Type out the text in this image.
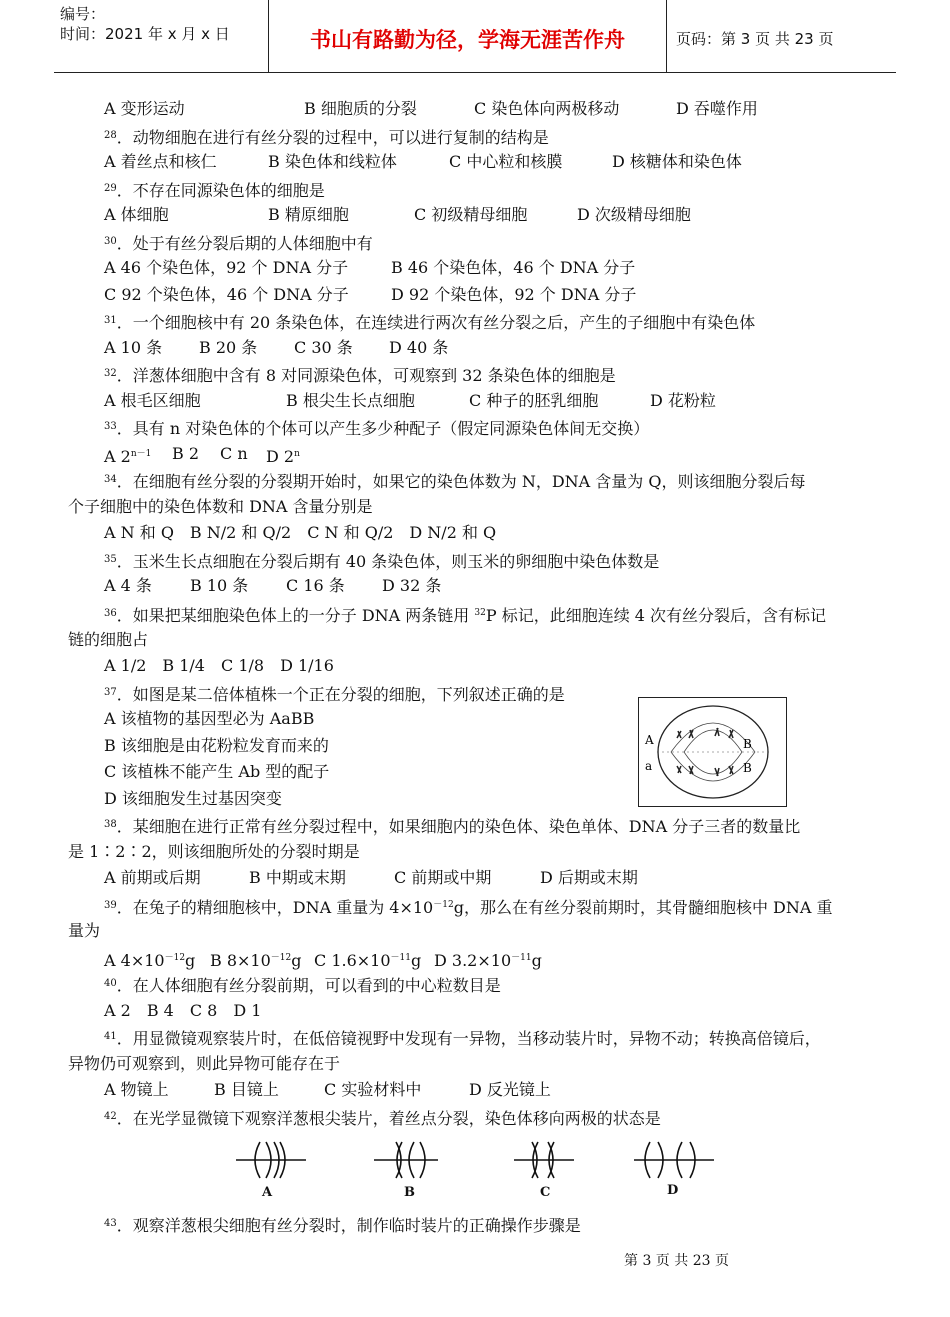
编号：
时间：2021 年 x 月 x 日	书山有路勤为径，学海无涯苦作舟	页码：第 3 页 共 23 页
A 变形运动	B 细胞质的分裂	C 染色体向两极移动	D 吞噬作用
$^{28}$．动物细胞在进行有丝分裂的过程中，可以进行复制的结构是
A 着丝点和核仁	B 染色体和线粒体	C 中心粒和核膜	D 核糖体和染色体
$^{29}$．不存在同源染色体的细胞是
A 体细胞	B 精原细胞	C 初级精母细胞	D 次级精母细胞
$^{30}$．处于有丝分裂后期的人体细胞中有
A 46 个染色体，92 个 DNA 分子	B 46 个染色体，46 个 DNA 分子
C 92 个染色体，46 个 DNA 分子	D 92 个染色体，92 个 DNA 分子
$^{31}$．一个细胞核中有 20 条染色体，在连续进行两次有丝分裂之后，产生的子细胞中有染色体
A 10 条 B 20 条 C 30 条 D 40 条
$^{32}$．洋葱体细胞中含有 8 对同源染色体，可观察到 32 条染色体的细胞是
A 根毛区细胞	B 根尖生长点细胞	C 种子的胚乳细胞	D 花粉粒
$^{33}$．具有 n 对染色体的个体可以产生多少种配子（假定同源染色体间无交换）
A $2^{n-1}$ B 2 C n D 2$^n$
$^{34}$．在细胞有丝分裂的分裂期开始时，如果它的染色体数为 N，DNA 含量为 Q，则该细胞分裂后每
个子细胞中的染色体数和 DNA 含量分别是
A N 和 Q　B N/2 和 Q/2　C N 和 Q/2　D N/2 和 Q
$^{35}$．玉米生长点细胞在分裂后期有 40 条染色体，则玉米的卵细胞中染色体数是
A 4 条 B 10 条 C 16 条 D 32 条
$^{36}$．如果把某细胞染色体上的一分子 DNA 两条链用 $^{32}$P 标记，此细胞连续 4 次有丝分裂后，含有标记
链的细胞占
A 1/2　B 1/4　C 1/8　D 1/16
$^{37}$．如图是某二倍体植株一个正在分裂的细胞，下列叙述正确的是
A 该植物的基因型必为 AaBB
B 该细胞是由花粉粒发育而来的
C 该植株不能产生 Ab 型的配子
D 该细胞发生过基因突变
A
a
B
B
$^{38}$．某细胞在进行正常有丝分裂过程中，如果细胞内的染色体、染色单体、DNA 分子三者的数量比
是 1∶2∶2，则该细胞所处的分裂时期是
A 前期或后期	B 中期或末期	C 前期或中期	D 后期或末期
$^{39}$．在兔子的精细胞核中，DNA 重量为 $4\times 10^{-12}g$，那么在有丝分裂前期时，其骨髓细胞核中 DNA 重
量为
A $4\times 10^{-12}g$ B $8\times 10^{-12}g$ C $1.6\times 10^{-11}g$ D $3.2\times 10^{-11}g$
$^{40}$．在人体细胞有丝分裂前期，可以看到的中心粒数目是
A 2　B 4　C 8　D 1
$^{41}$．用显微镜观察装片时，在低倍镜视野中发现有一异物，当移动装片时，异物不动；转换高倍镜后，
异物仍可观察到，则此异物可能存在于
A 物镜上	B 目镜上	C 实验材料中	D 反光镜上
$^{42}$．在光学显微镜下观察洋葱根尖装片，着丝点分裂，染色体移向两极的状态是
A	B	C	D
$^{43}$．观察洋葱根尖细胞有丝分裂时，制作临时装片的正确操作步骤是
第 3 页 共 23 页
